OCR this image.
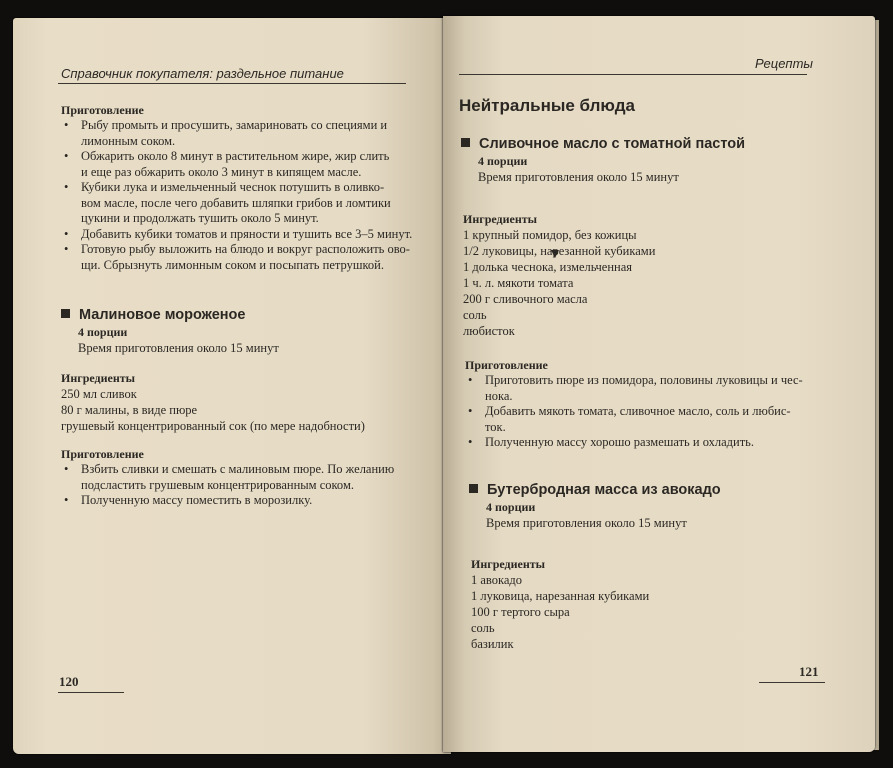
Справочник покупателя: раздельное питание

Приготовление

• Рыбу промыть и просушить, замариновать со специями и
лимонным соком.
• Обжарить около 8 минут в растительном жире, жир слить
и еще раз обжарить около 3 минут в кипящем масле.
• Кубики лука и измельченный чеснок потушить в оливко-
вом масле, после чего добавить шляпки грибов и ломтики
цукини и продолжать тушить около 5 минут.
• Добавить кубики томатов и пряности и тушить все 3–5 минут.
• Готовую рыбу выложить на блюдо и вокруг расположить ово-
щи. Сбрызнуть лимонным соком и посыпать петрушкой.

Малиновое мороженое

4 порции

Время приготовления около 15 минут

Ингредиенты

250 мл сливок

80 г малины, в виде пюре

грушевый концентрированный сок (по мере надобности)

Приготовление

• Взбить сливки и смешать с малиновым пюре. По желанию
подсластить грушевым концентрированным соком.
• Полученную массу поместить в морозилку.
120
Рецепты

Нейтральные блюда

Сливочное масло с томатной пастой

4 порции

Время приготовления около 15 минут

Ингредиенты

1 крупный помидор, без кожицы

1/2 луковицы, нарезанной кубиками

1 долька чеснока, измельченная

1 ч. л. мякоти томата

200 г сливочного масла

соль

любисток

Приготовление

• Приготовить пюре из помидора, половины луковицы и чес-
нока.
• Добавить мякоть томата, сливочное масло, соль и любис-
ток.
• Полученную массу хорошо размешать и охладить.

Бутербродная масса из авокадо

4 порции

Время приготовления около 15 минут

Ингредиенты

1 авокадо

1 луковица, нарезанная кубиками

100 г тертого сыра

соль

базилик

121
